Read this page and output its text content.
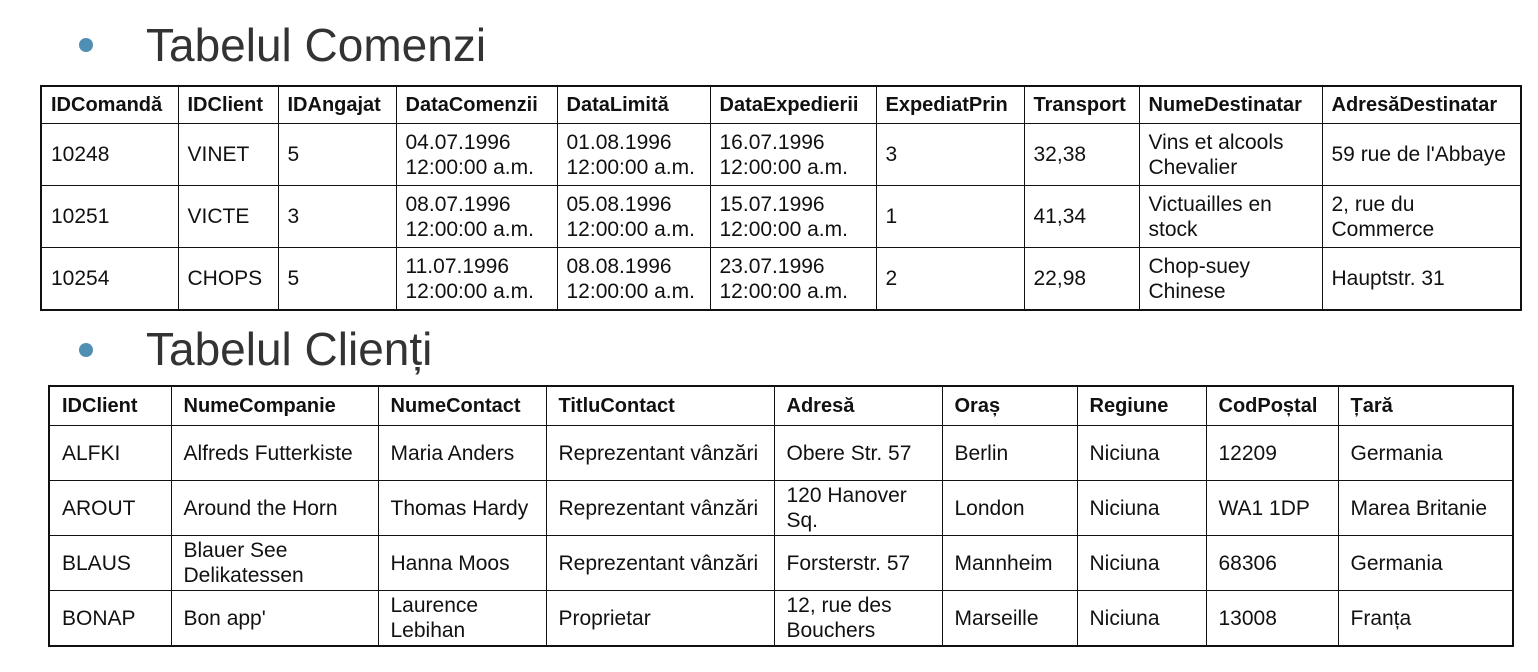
Tabelul Comenzi
IDComandă	IDClient	IDAngajat	DataComenzii	DataLimită	DataExpedierii	ExpediatPrin	Transport	NumeDestinatar	AdresăDestinatar
10248	VINET	5	04.07.1996 12:00:00 a.m.	01.08.1996 12:00:00 a.m.	16.07.1996 12:00:00 a.m.	3	32,38	Vins et alcools Chevalier	59 rue de l'Abbaye
10251	VICTE	3	08.07.1996 12:00:00 a.m.	05.08.1996 12:00:00 a.m.	15.07.1996 12:00:00 a.m.	1	41,34	Victuailles en stock	2, rue du Commerce
10254	CHOPS	5	11.07.1996 12:00:00 a.m.	08.08.1996 12:00:00 a.m.	23.07.1996 12:00:00 a.m.	2	22,98	Chop-suey Chinese	Hauptstr. 31
Tabelul Clienți
IDClient	NumeCompanie	NumeContact	TitluContact	Adresă	Oraș	Regiune	CodPoștal	Țară
ALFKI	Alfreds Futterkiste	Maria Anders	Reprezentant vânzări	Obere Str. 57	Berlin	Niciuna	12209	Germania
AROUT	Around the Horn	Thomas Hardy	Reprezentant vânzări	120 Hanover Sq.	London	Niciuna	WA1 1DP	Marea Britanie
BLAUS	Blauer See Delikatessen	Hanna Moos	Reprezentant vânzări	Forsterstr. 57	Mannheim	Niciuna	68306	Germania
BONAP	Bon app'	Laurence Lebihan	Proprietar	12, rue des Bouchers	Marseille	Niciuna	13008	Franța
